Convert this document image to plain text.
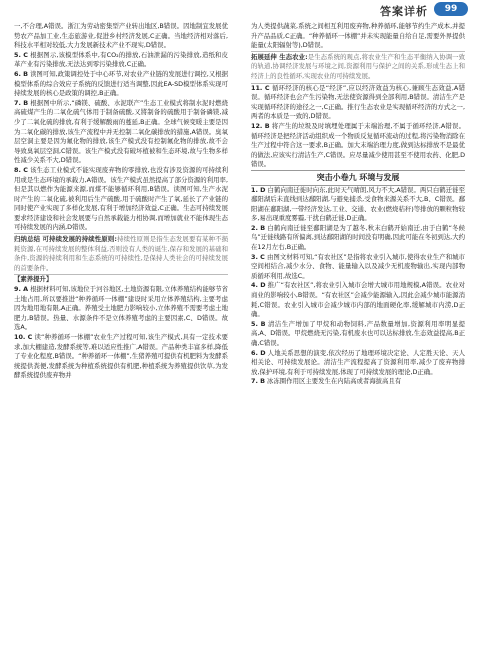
答案详析	99

一,不合理,A错误。浙江为劳动密集型产业转出地区,B错误。因地制宜发展优势农产品加工业,生态旅游业,促进乡村经济发展,C正确。当地经济相对落后,科技水平相对较低,大力发展新技术产业不现实,D错误。

5. C 根据图示,该模型体系中,有CO₂的排放,石油泄漏的污染排放,造纸和皮革产业有污染排放,无法达到零污染排放,C正确。

6. B 读图可知,政策调控处于中心环节,对农业产业链的发展进行调控,又根据模型体系的综合效应子系统的反馈进行适当调整,因此EA-SD模型体系实现可持续发展的核心是政策的调控,B正确。

7. B 根据图中所示,“磷镁、硫酸、水泥联产”生态工业模式将制水泥时燃烧高硫煤产生的二氧化硫气体用于制备硫酸,又將制备的硫酸用于制备磷镁,减少了二氧化硫的排放,有利于缓解酸雨的蔓延,B正确。全球气候变暖主要是因为二氧化碳的排放,该生产流程中并无控制二氧化碳排放的措施,A错误。臭氧层空洞主要是因为氟化物的排放,该生产模式没有控制氟化物的排放,故不会导致臭氧层空洞,C错误。该生产模式没有破坏植被和生态环境,故与生物多样性减少关系不大,D错误。

8. C 该生态工业模式不能实现废弃物的零排放,也没有涉及资源的可持续利用或是生态环境的承载力,A错误。该生产模式虽然提高了部分资源的利用率,但是其以燃作为能源来源,而煤不能够循环利用,B错误。读图可知,生产水泥时产生的二氧化硫,被利用后生产硫酸,用于硫酸时产生了氧,延长了产业链的同时使产业实现了多样化发展,有利于增加经济效益,C正确。生态可持续发展要求经济建设和社会发展要与自然承载能力相协调,而增加就业不能体现生态可持续发展的内涵,D错误。

归纳总结 可持续发展的持续性原则:持续性原则是指生态发展要有某种不损耗资源,在可持续发展的整体利益,否则没有人类的诞生,保存和发展的基础和条件,资源的持续利用和生态系统的可持续性,是保持人类社会的可持续发展的首要条件。

【素养提升】

9. A 根据材料可知,该地位于河谷地区,土地资源有限,立体养殖结构能够节省土地占用,所以要推进“种养循环一体棚”建设时采用立体养殖结构,主要考虑因为地用地有限,A正确。养殖受土地肥力影响较小,立体养殖不需要考虑土地肥力,B错误。热量、水源条件不是立体养殖考虑的主要因素,C、D错误。故选A。

10. C 读“种养循环一体棚”农业生产过程可知,该生产模式,具有一定技术要求,加大棚建造,发酵系统等,难以适应性推广,A错误。产品种类丰富多样,降低了专业化程度,B错误。“种养循环一体棚”,生猪养殖可提供有机肥料为发酵系统提供粪便,发酵系统为种植系统提供有机肥,种植系统为养殖提供饮草,为发酵系统提供废弃物并

为人类提供蔬菜,系统之间相互利用废弃物,种养循环,能够节约生产成本,并提升产品品质,C正确。“种养循环一体棚”并未实现能量自给自足,需要外界提供能量(太阳辐射等),D错误。

拓展延伸 生态农业:是生态系统的观点,将农业生产和生态平衡纳入协调一致的轨道,协调经济发展与环境之间,资源利用与保护之间的关系,形成生态上和经济上的良性循环,实现农业的可持续发展。

11. C 循环经济的核心是“经济”,应以经济效益为核心,兼顾生态效益,A错误。循环经济也会产生污染物,无法使资源得到全部利用,B错误。清洁生产是实现循环经济的途径之一,C正确。推行生态农业是实现循环经济的方式之一,两者的本质是一致的,D错误。

12. B 将产生的垃圾及时填埋处理属于末端治理,不属于循环经济,A错误。循环经济是把经济活动组织成一个物质反复循环流动的过程,将污染物消除在生产过程中符合这一要求,B正确。加大末端治理力度,做到达标排放不是最优的做法,应该实行清洁生产,C错误。应尽量减少使用甚至不使用农药、化肥,D错误。

突击小卷九 环境与发展

1. D 白鹤向南迁徙时向东,此时天气晴朗,风力不大,A错误。两只白鹤迁徙至鄱阳湖后未直线到达鄱阳湖,与避免捕杀,受食物来源关系不大,B、C错误。鄱阳湖在鄱阳湖,一带经济发达,工业、交通、农业(燃烧秸秆)等排放的颗粒物较多,易出现重度雾霾,干扰白鹤迁徙,D正确。

2. B 白鹤向南迁徙至鄱阳湖是为了越冬,秋末白鹤开始南迁,由于白鹤“冬候鸟”迁徙线路有所偏离,到达鄱阳湖的时间没有明确,因此可能在冬初到达,大约在12月左右,B正确。

3. C 由图文材料可知,“有农社区”是指将农业引入城市,使得农业生产和城市空间相结合,减少水分、食物、能量输入以及减少无机废物输出,实现内部物质循环利用,故选C。

4. D 推广“有农社区”,将农业引入城市会增大城市用地规模,A错误。农业对商业的影响较小,B错误。“有农社区”会减少能源输入,因此会减少城市能源消耗,C错误。农业引入城市会减少城市内部的地面硬化率,缓解城市内涝,D正确。

5. B 清洁生产增加了甲烷和动物饲料,产品数量增加,资源利用率明显提高,A、D错误。甲烷燃烧无污染,有机废水也可以达标排放,生态效益提高,B正确,C错误。

6. D 人地关系思想的演变,依次经历了地理环境决定论、人定胜天论、天人相关论、可持续发展论。清洁生产流程提高了资源利用率,减少了废弃物排放,保护环境,有利于可持续发展,体现了可持续发展的理论,D正确。

7. B 冰冻圈作用区主要发生在内陆高或者海拔高且有
